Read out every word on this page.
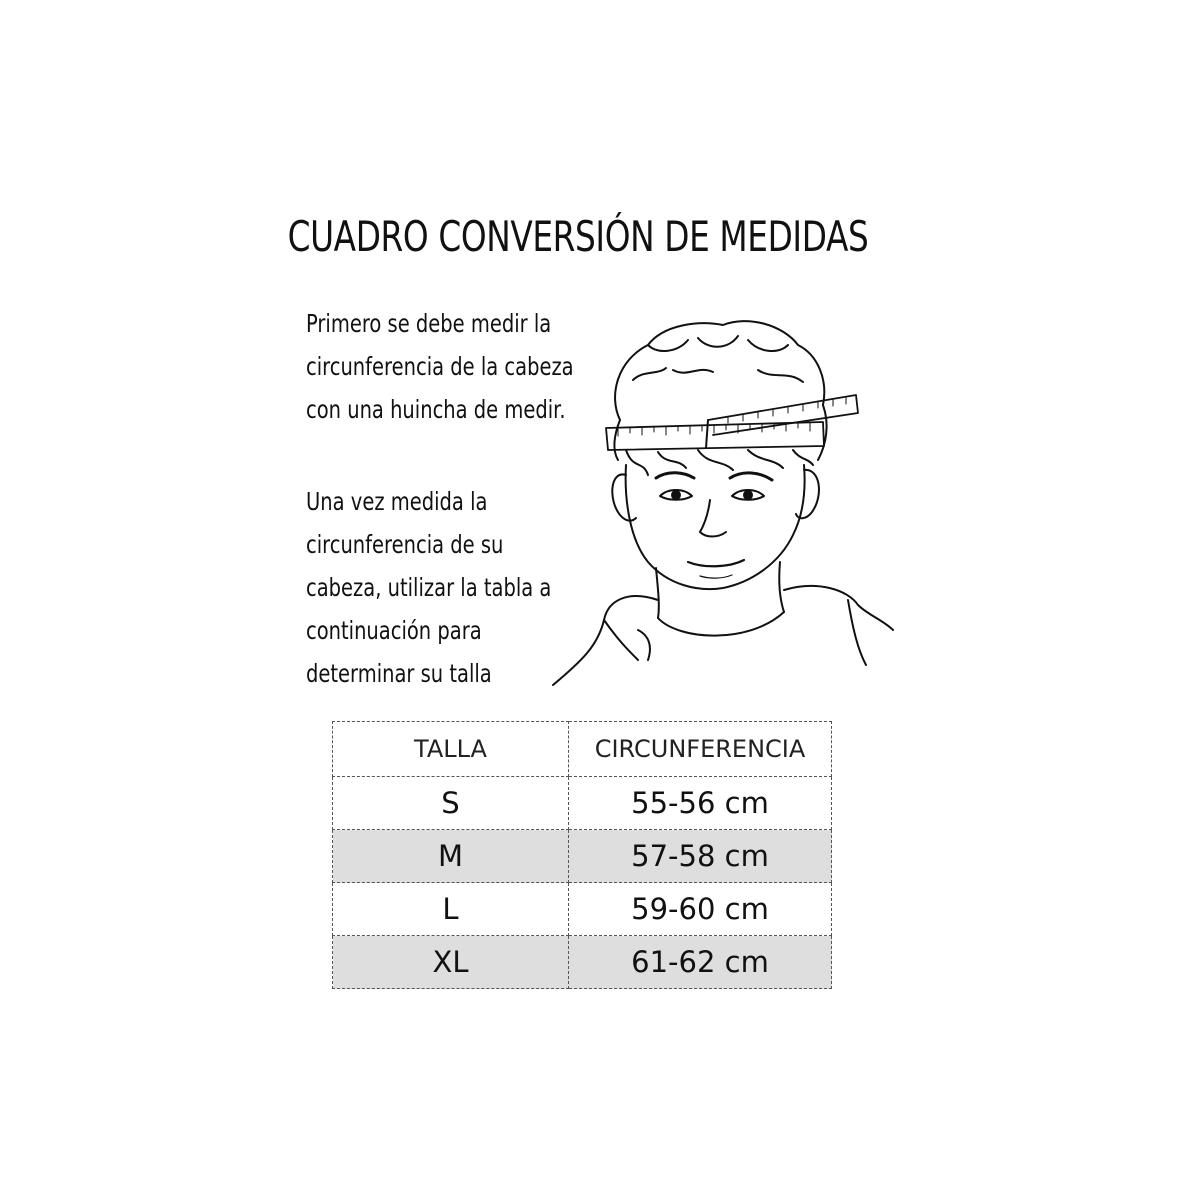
CUADRO CONVERSIÓN DE MEDIDAS
Primero se debe medir la
circunferencia de la cabeza
con una huincha de medir.
Una vez medida la
circunferencia de su
cabeza, utilizar la tabla a
continuación para
determinar su talla
TALLA	CIRCUNFERENCIA
S	55-56 cm
M	57-58 cm
L	59-60 cm
XL	61-62 cm
